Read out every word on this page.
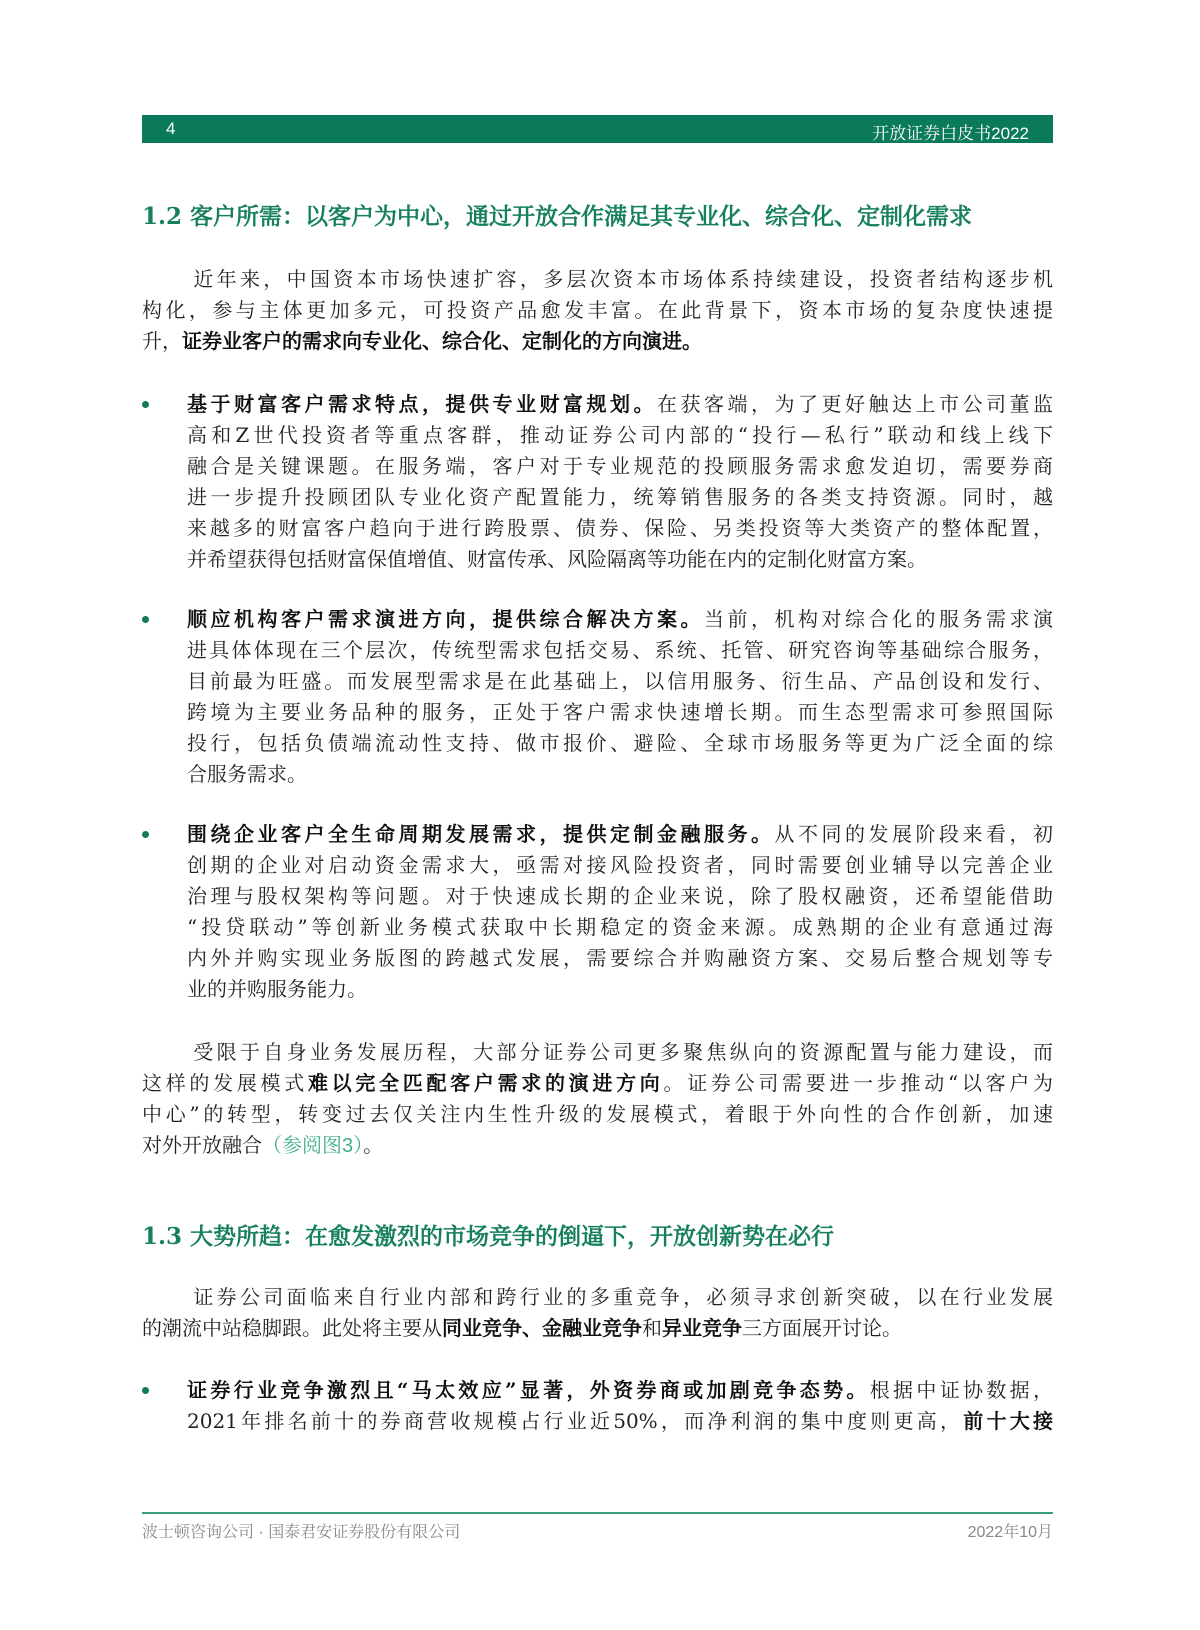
4	开放证券白皮书2022
1.2 客户所需：以客户为中心，通过开放合作满足其专业化、综合化、定制化需求
近年来，中国资本市场快速扩容，多层次资本市场体系持续建设，投资者结构逐步机
构化，参与主体更加多元，可投资产品愈发丰富。在此背景下，资本市场的复杂度快速提
升，证券业客户的需求向专业化、综合化、定制化的方向演进。
基于财富客户需求特点，提供专业财富规划。在获客端，为了更好触达上市公司董监
高和Z世代投资者等重点客群，推动证券公司内部的“投行—私行”联动和线上线下
融合是关键课题。在服务端，客户对于专业规范的投顾服务需求愈发迫切，需要券商
进一步提升投顾团队专业化资产配置能力，统筹销售服务的各类支持资源。同时，越
来越多的财富客户趋向于进行跨股票、债券、保险、另类投资等大类资产的整体配置，
并希望获得包括财富保值增值、财富传承、风险隔离等功能在内的定制化财富方案。
顺应机构客户需求演进方向，提供综合解决方案。当前，机构对综合化的服务需求演
进具体体现在三个层次，传统型需求包括交易、系统、托管、研究咨询等基础综合服务，
目前最为旺盛。而发展型需求是在此基础上，以信用服务、衍生品、产品创设和发行、
跨境为主要业务品种的服务，正处于客户需求快速增长期。而生态型需求可参照国际
投行，包括负债端流动性支持、做市报价、避险、全球市场服务等更为广泛全面的综
合服务需求。
围绕企业客户全生命周期发展需求，提供定制金融服务。从不同的发展阶段来看，初
创期的企业对启动资金需求大，亟需对接风险投资者，同时需要创业辅导以完善企业
治理与股权架构等问题。对于快速成长期的企业来说，除了股权融资，还希望能借助
“投贷联动”等创新业务模式获取中长期稳定的资金来源。成熟期的企业有意通过海
内外并购实现业务版图的跨越式发展，需要综合并购融资方案、交易后整合规划等专
业的并购服务能力。
受限于自身业务发展历程，大部分证券公司更多聚焦纵向的资源配置与能力建设，而
这样的发展模式难以完全匹配客户需求的演进方向。证券公司需要进一步推动“以客户为
中心”的转型，转变过去仅关注内生性升级的发展模式，着眼于外向性的合作创新，加速
对外开放融合（参阅图3）。
1.3 大势所趋：在愈发激烈的市场竞争的倒逼下，开放创新势在必行
证券公司面临来自行业内部和跨行业的多重竞争，必须寻求创新突破，以在行业发展
的潮流中站稳脚跟。此处将主要从同业竞争、金融业竞争和异业竞争三方面展开讨论。
证券行业竞争激烈且“马太效应”显著，外资券商或加剧竞争态势。根据中证协数据，
2021年排名前十的券商营收规模占行业近50%，而净利润的集中度则更高，前十大接
波士顿咨询公司 · 国泰君安证券股份有限公司	2022年10月
